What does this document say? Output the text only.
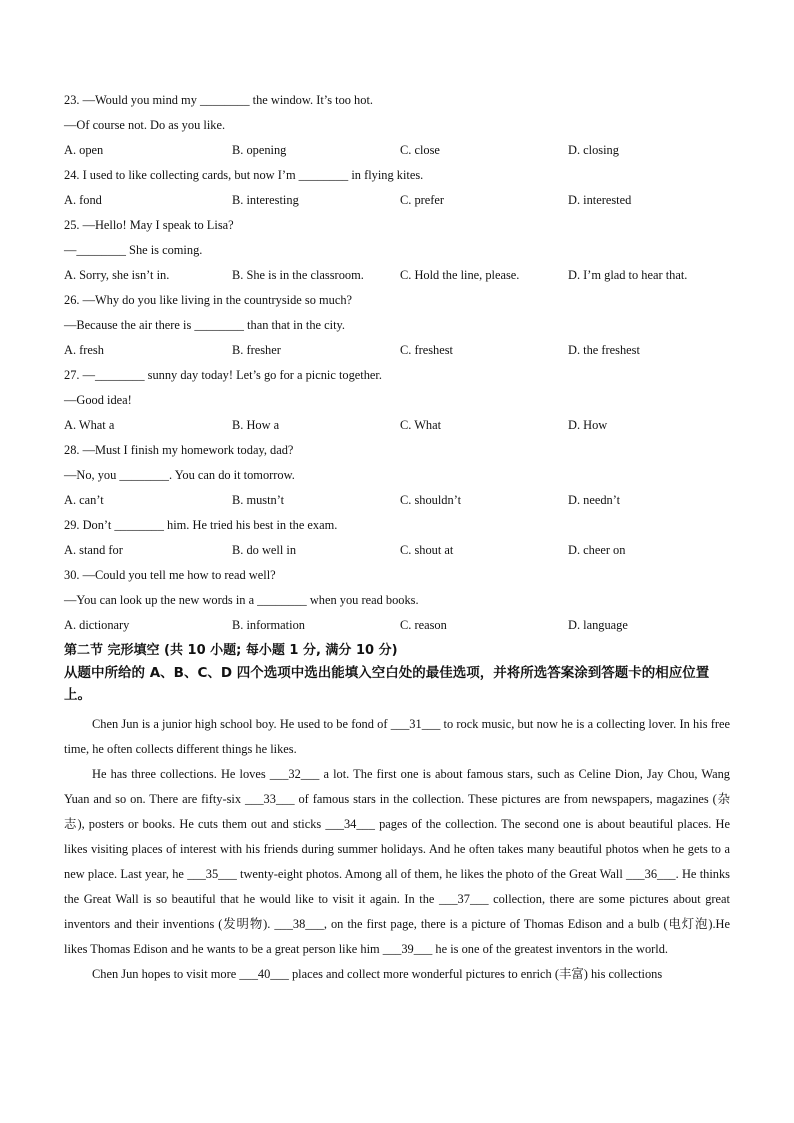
23. —Would you mind my ________ the window. It’s too hot.
—Of course not. Do as you like.
A. open	B. opening	C. close	D. closing
24. I used to like collecting cards, but now I’m ________ in flying kites.
A. fond	B. interesting	C. prefer	D. interested
25. —Hello! May I speak to Lisa?
—________ She is coming.
A. Sorry, she isn’t in.	B. She is in the classroom.	C. Hold the line, please.	D. I’m glad to hear that.
26. —Why do you like living in the countryside so much?
—Because the air there is ________ than that in the city.
A. fresh	B. fresher	C. freshest	D. the freshest
27. —________ sunny day today! Let’s go for a picnic together.
—Good idea!
A. What a	B. How a	C. What	D. How
28. —Must I finish my homework today, dad?
—No, you ________. You can do it tomorrow.
A. can’t	B. mustn’t	C. shouldn’t	D. needn’t
29. Don’t ________ him. He tried his best in the exam.
A. stand for	B. do well in	C. shout at	D. cheer on
30. —Could you tell me how to read well?
—You can look up the new words in a ________ when you read books.
A. dictionary	B. information	C. reason	D. language
第二节 完形填空 (共 10 小题; 每小题 1 分, 满分 10 分)
从题中所给的 A、B、C、D 四个选项中选出能填入空白处的最佳选项，并将所选答案涂到答题卡的相应位置上。
Chen Jun is a junior high school boy. He used to be fond of ___31___ to rock music, but now he is a collecting lover. In his free time, he often collects different things he likes.
He has three collections. He loves ___32___ a lot. The first one is about famous stars, such as Celine Dion, Jay Chou, Wang Yuan and so on. There are fifty-six ___33___ of famous stars in the collection. These pictures are from newspapers, magazines (杂志), posters or books. He cuts them out and sticks ___34___ pages of the collection. The second one is about beautiful places. He likes visiting places of interest with his friends during summer holidays. And he often takes many beautiful photos when he gets to a new place. Last year, he ___35___ twenty-eight photos. Among all of them, he likes the photo of the Great Wall ___36___. He thinks the Great Wall is so beautiful that he would like to visit it again. In the ___37___ collection, there are some pictures about great inventors and their inventions (发明物). ___38___, on the first page, there is a picture of Thomas Edison and a bulb (电灯泡).He likes Thomas Edison and he wants to be a great person like him ___39___ he is one of the greatest inventors in the world.
Chen Jun hopes to visit more ___40___ places and collect more wonderful pictures to enrich (丰富) his collections
